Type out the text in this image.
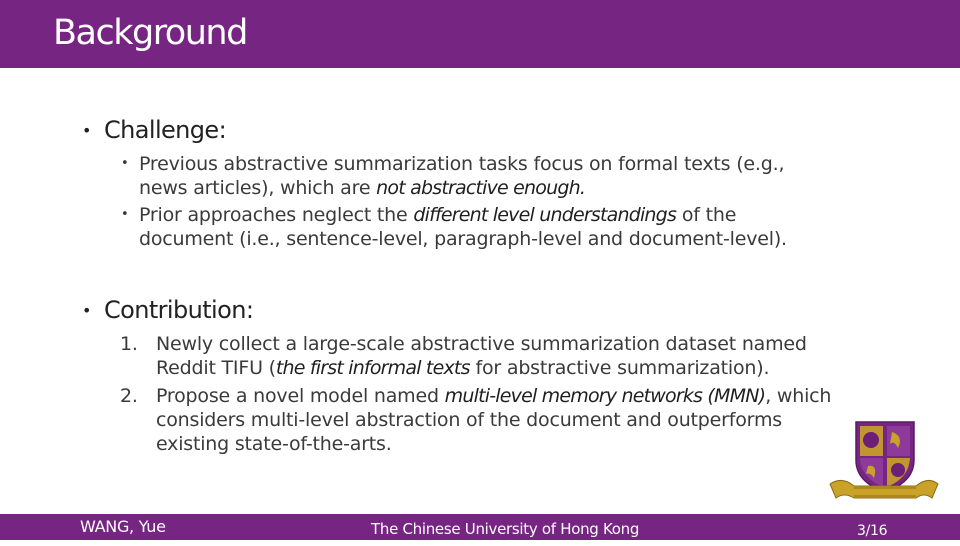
Background
• Challenge:
• Previous abstractive summarization tasks focus on formal texts (e.g., news articles), which are not abstractive enough.
• Prior approaches neglect the different level understandings of the document (i.e., sentence-level, paragraph-level and document-level).
• Contribution:
1. Newly collect a large-scale abstractive summarization dataset named Reddit TIFU (the first informal texts for abstractive summarization).
2. Propose a novel model named multi-level memory networks (MMN), which considers multi-level abstraction of the document and outperforms existing state-of-the-arts.
WANG, Yue	The Chinese University of Hong Kong	3/16
